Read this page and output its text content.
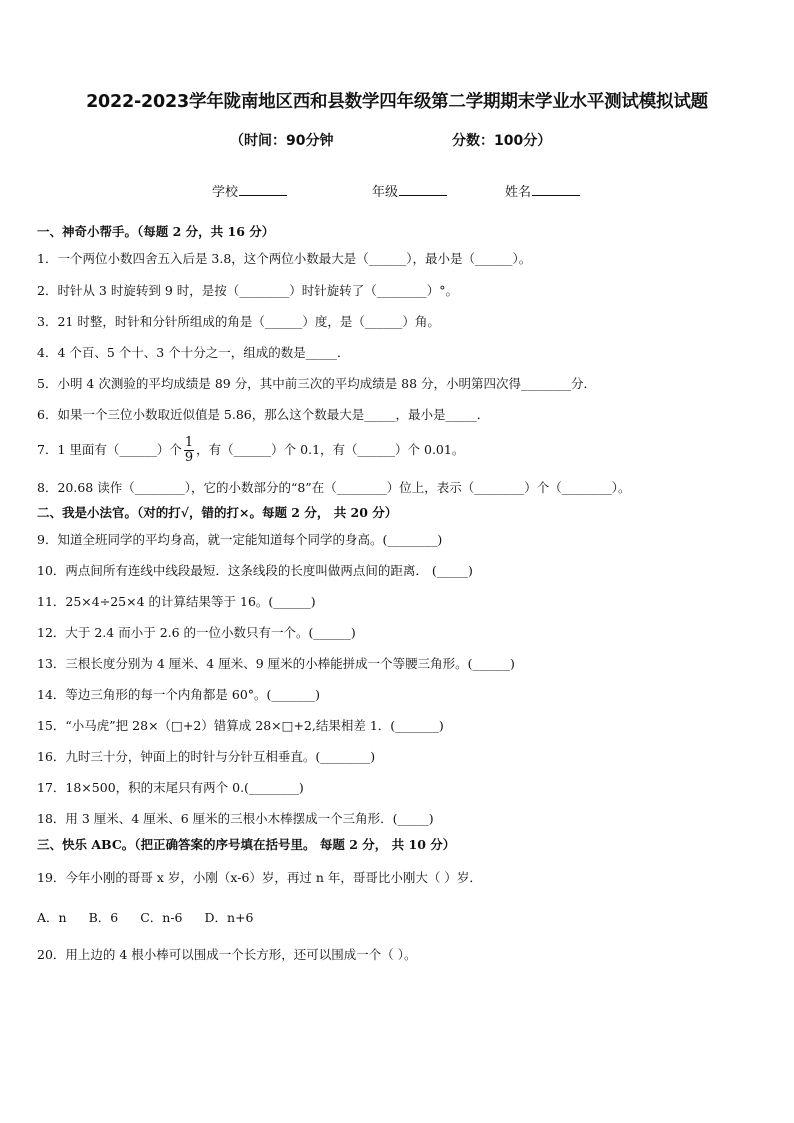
2022-2023学年陇南地区西和县数学四年级第二学期期末学业水平测试模拟试题
（时间：90分钟	分数：100分）
学校	年级	姓名
一、神奇小帮手。（每题 2 分，共 16 分）
1．一个两位小数四舍五入后是 3.8，这个两位小数最大是（______），最小是（______）。
2．时针从 3 时旋转到 9 时，是按（________）时针旋转了（________）°。
3．21 时整，时针和分针所组成的角是（______）度，是（______）角。
4．4 个百、5 个十、3 个十分之一，组成的数是_____．
5．小明 4 次测验的平均成绩是 89 分，其中前三次的平均成绩是 88 分，小明第四次得________分．
6．如果一个三位小数取近似值是 5.86，那么这个数最大是_____，最小是_____．
7．1 里面有（______）个 $\frac{1}{9}$ ，有（______）个 0.1，有（______）个 0.01。
8．20.68 读作（________），它的小数部分的“8”在（________）位上，表示（________）个（________）。
二、我是小法官。（对的打√，错的打×。每题 2 分， 共 20 分）
9．知道全班同学的平均身高，就一定能知道每个同学的身高。(________)
10．两点间所有连线中线段最短．这条线段的长度叫做两点间的距离． (_____)
11．25×4÷25×4 的计算结果等于 16。(______)
12．大于 2.4 而小于 2.6 的一位小数只有一个。(______)
13．三根长度分别为 4 厘米、4 厘米、9 厘米的小棒能拼成一个等腰三角形。(______)
14．等边三角形的每一个内角都是 60°。(_______)
15．“小马虎”把 28×（□+2）错算成 28×□+2,结果相差 1．(_______)
16．九时三十分，钟面上的时针与分针互相垂直。(________)
17．18×500，积的末尾只有两个 0.(________)
18．用 3 厘米、4 厘米、6 厘米的三根小木棒摆成一个三角形．(_____)
三、快乐 ABC。（把正确答案的序号填在括号里。 每题 2 分， 共 10 分）
19．今年小刚的哥哥 x 岁，小刚（x-6）岁，再过 n 年，哥哥比小刚大（ ）岁．
A．n B．6 C．n-6 D．n+6
20．用上边的 4 根小棒可以围成一个长方形，还可以围成一个（ ）。
